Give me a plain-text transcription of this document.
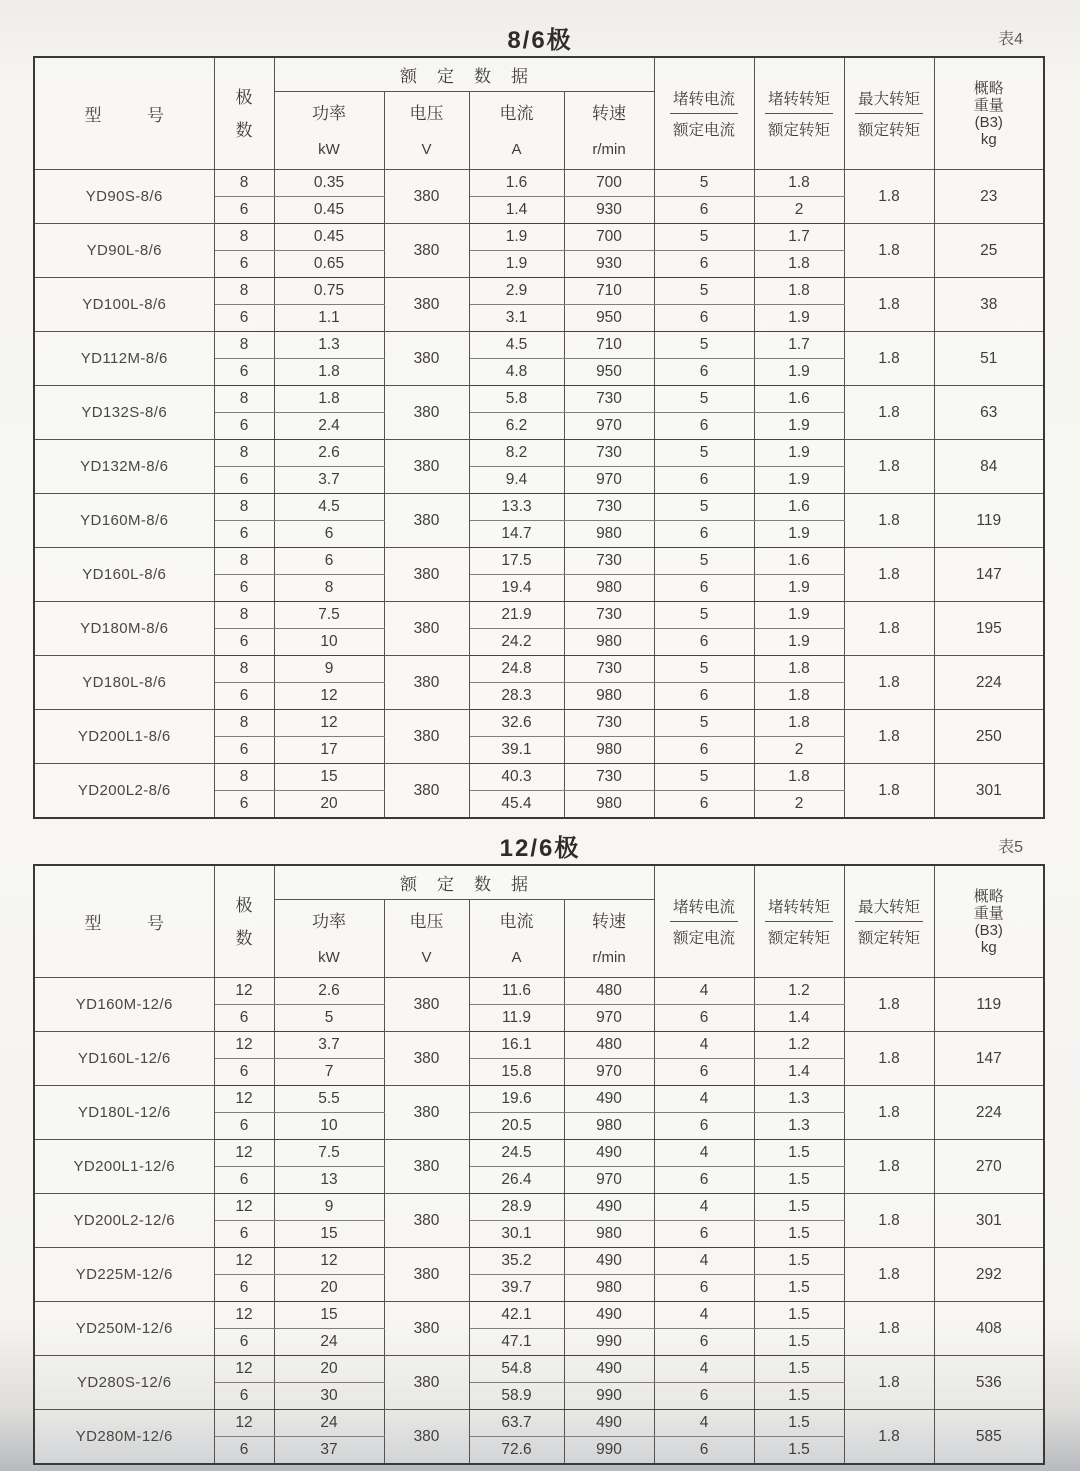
8/6极	表4
型 号	
极
数
	额 定 数 据	
$\frac{\text{堵转电流}}{\text{额定电流}}$	$\frac{\text{堵转转矩}}{\text{额定转矩}}$	$\frac{\text{最大转矩}}{\text{额定转矩}}$	概略
重量
(B3)
kg

		功率	电压	电流	转速				
		kW	V	A	r/min				
YD90S-8/6	8	0.35	380	1.6	700	5	1.8	1.8	23
	6	0.45		1.4	930	6	2		
YD90L-8/6	8	0.45	380	1.9	700	5	1.7	1.8	25
	6	0.65		1.9	930	6	1.8		
YD100L-8/6	8	0.75	380	2.9	710	5	1.8	1.8	38
	6	1.1		3.1	950	6	1.9		
YD112M-8/6	8	1.3	380	4.5	710	5	1.7	1.8	51
	6	1.8		4.8	950	6	1.9		
YD132S-8/6	8	1.8	380	5.8	730	5	1.6	1.8	63
	6	2.4		6.2	970	6	1.9		
YD132M-8/6	8	2.6	380	8.2	730	5	1.9	1.8	84
	6	3.7		9.4	970	6	1.9		
YD160M-8/6	8	4.5	380	13.3	730	5	1.6	1.8	119
	6	6		14.7	980	6	1.9		
YD160L-8/6	8	6	380	17.5	730	5	1.6	1.8	147
	6	8		19.4	980	6	1.9		
YD180M-8/6	8	7.5	380	21.9	730	5	1.9	1.8	195
	6	10		24.2	980	6	1.9		
YD180L-8/6	8	9	380	24.8	730	5	1.8	1.8	224
	6	12		28.3	980	6	1.8		
YD200L1-8/6	8	12	380	32.6	730	5	1.8	1.8	250
	6	17		39.1	980	6	2		
YD200L2-8/6	8	15	380	40.3	730	5	1.8	1.8	301
	6	20		45.4	980	6	2		
12/6极	表5
型 号	
极
数
	额 定 数 据	
$\frac{\text{堵转电流}}{\text{额定电流}}$	$\frac{\text{堵转转矩}}{\text{额定转矩}}$	$\frac{\text{最大转矩}}{\text{额定转矩}}$	概略
重量
(B3)
kg

		功率	电压	电流	转速				
		kW	V	A	r/min				
YD160M-12/6	12	2.6	380	11.6	480	4	1.2	1.8	119
	6	5		11.9	970	6	1.4		
YD160L-12/6	12	3.7	380	16.1	480	4	1.2	1.8	147
	6	7		15.8	970	6	1.4		
YD180L-12/6	12	5.5	380	19.6	490	4	1.3	1.8	224
	6	10		20.5	980	6	1.3		
YD200L1-12/6	12	7.5	380	24.5	490	4	1.5	1.8	270
	6	13		26.4	970	6	1.5		
YD200L2-12/6	12	9	380	28.9	490	4	1.5	1.8	301
	6	15		30.1	980	6	1.5		
YD225M-12/6	12	12	380	35.2	490	4	1.5	1.8	292
	6	20		39.7	980	6	1.5		
YD250M-12/6	12	15	380	42.1	490	4	1.5	1.8	408
	6	24		47.1	990	6	1.5		
YD280S-12/6	12	20	380	54.8	490	4	1.5	1.8	536
	6	30		58.9	990	6	1.5		
YD280M-12/6	12	24	380	63.7	490	4	1.5	1.8	585
	6	37		72.6	990	6	1.5		
